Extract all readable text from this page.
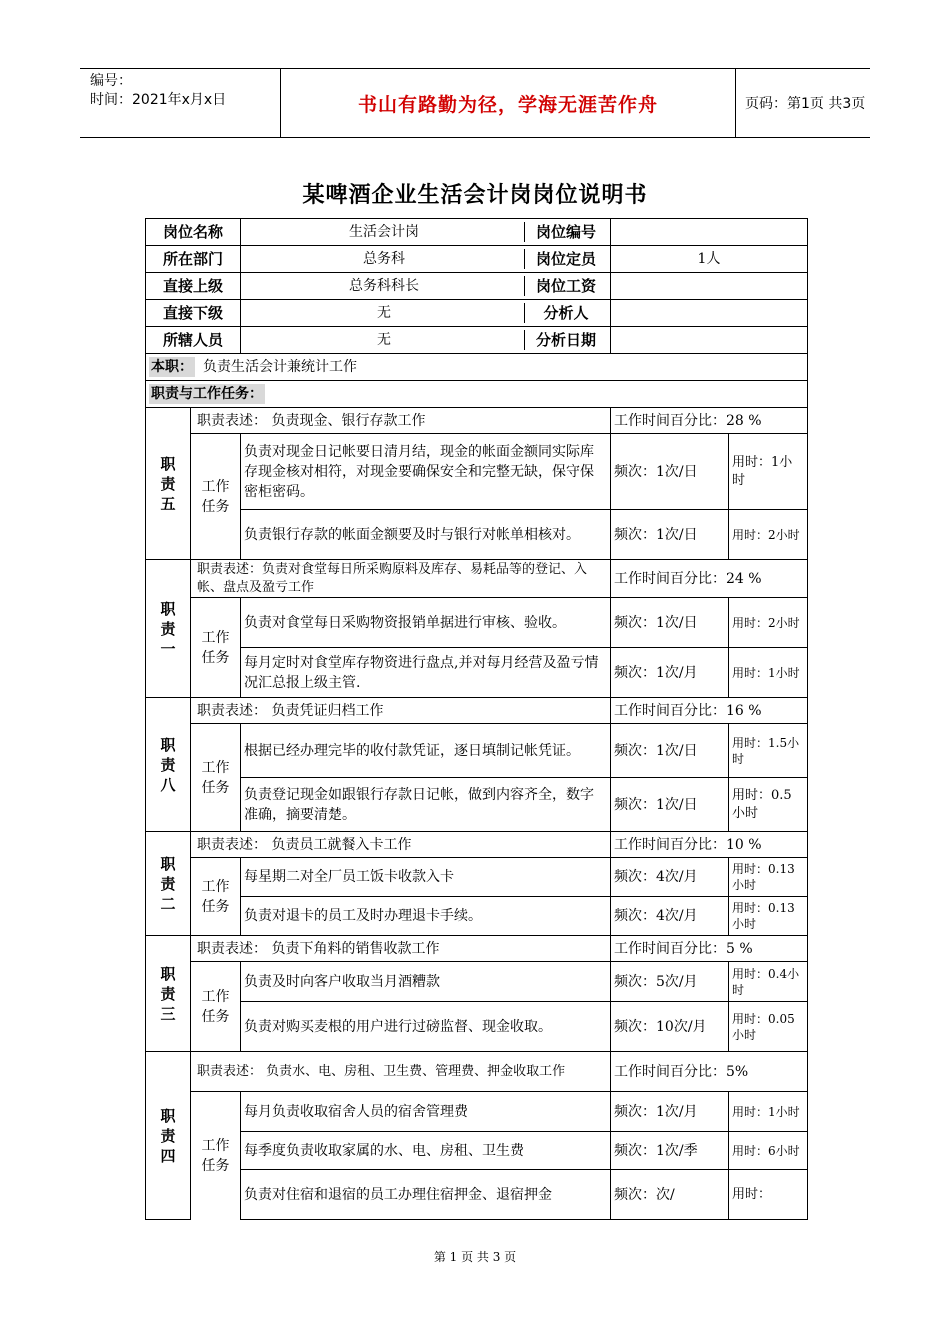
编号：
时间：2021年x月x日	书山有路勤为径，学海无涯苦作舟	页码：第1页 共3页
某啤酒企业生活会计岗岗位说明书
岗位名称		生活会计岗 岗位编号		

所在部门		总务科 岗位定员	1人	
直接上级		总务科科长 岗位工资		

直接下级		无 分析人		

所辖人员		无 分析日期		

本职： 负责生活会计兼统计工作				
职责与工作任务：				
职责五	职责表述： 负责现金、银行存款工作		工作时间百分比：28 %	
	工作任务	负责对现金日记帐要日清月结，现金的帐面金额同实际库存现金核对相符，对现金要确保安全和完整无缺，保守保密柜密码。	频次：1次/日	用时：1小时
		负责银行存款的帐面金额要及时与银行对帐单相核对。	频次：1次/日	用时：2小时
职责一	职责表述：负责对食堂每日所采购原料及库存、易耗品等的登记、入帐、盘点及盈亏工作		工作时间百分比：24 %	
	工作任务	负责对食堂每日采购物资报销单据进行审核、验收。	频次：1次/日	用时：2小时
		每月定时对食堂库存物资进行盘点,并对每月经营及盈亏情况汇总报上级主管.	频次：1次/月	用时：1小时
职责八	职责表述： 负责凭证归档工作		工作时间百分比：16 %	
	工作任务	根据已经办理完毕的收付款凭证，逐日填制记帐凭证。	频次：1次/日	用时：1.5小时
		负责登记现金如跟银行存款日记帐，做到内容齐全，数字准确，摘要清楚。	频次：1次/日	用时：0.5小时
职责二	职责表述： 负责员工就餐入卡工作		工作时间百分比：10 %	
	工作任务	每星期二对全厂员工饭卡收款入卡	频次：4次/月	用时：0.13小时
		负责对退卡的员工及时办理退卡手续。	频次：4次/月	用时：0.13小时
职责三	职责表述： 负责下角料的销售收款工作		工作时间百分比：5 %	
	工作任务	负责及时向客户收取当月酒糟款	频次：5次/月	用时：0.4小时
		负责对购买麦根的用户进行过磅监督、现金收取。	频次：10次/月	用时：0.05小时
职责四	职责表述： 负责水、电、房租、卫生费、管理费、押金收取工作		工作时间百分比：5%	
	工作任务	每月负责收取宿舍人员的宿舍管理费	频次：1次/月	用时：1小时
		每季度负责收取家属的水、电、房租、卫生费	频次：1次/季	用时：6小时
		负责对住宿和退宿的员工办理住宿押金、退宿押金	频次：次/	用时：
第 1 页 共 3 页
